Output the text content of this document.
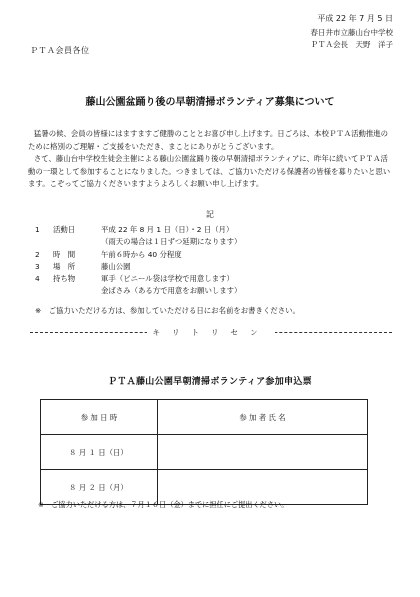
平成 22 年 7 月 5 日
春日井市立藤山台中学校
ＰＴＡ会長　天野　洋子
ＰＴＡ会員各位
藤山公園盆踊り後の早朝清掃ボランティア募集について

猛暑の候、会員の皆様にはますますご健勝のこととお喜び申し上げます。日ごろは、本校ＰＴＡ活動推進のために格別のご理解・ご支援をいただき、まことにありがとうございます。

さて、藤山台中学校生徒会主催による藤山公園盆踊り後の早朝清掃ボランティアに、昨年に続いてＰＴＡ活動の一環として参加することになりました。つきましては、ご協力いただける保護者の皆様を募りたいと思います。こぞってご協力くださいますようよろしくお願い申し上げます。

記
1	活動日	平成 22 年 8 月 1 日（日）・2 日（月）
（雨天の場合は１日ずつ延期になります）
2	時　間	午前６時から 40 分程度
3	場　所	藤山公園
4	持ち物	軍手（ビニール袋は学校で用意します）
金ばさみ（ある方で用意をお願いします）
※　ご協力いただける方は、参加していただける日にお名前をお書きください。
キリトリセン
ＰＴＡ藤山公園早朝清掃ボランティア参加申込票
参 加 日 時	参 加 者 氏 名
８ 月 １ 日（日）	
８ 月 ２ 日（月）	
※　ご協力いただける方は、７月１６日（金）までに担任にご提出ください。
